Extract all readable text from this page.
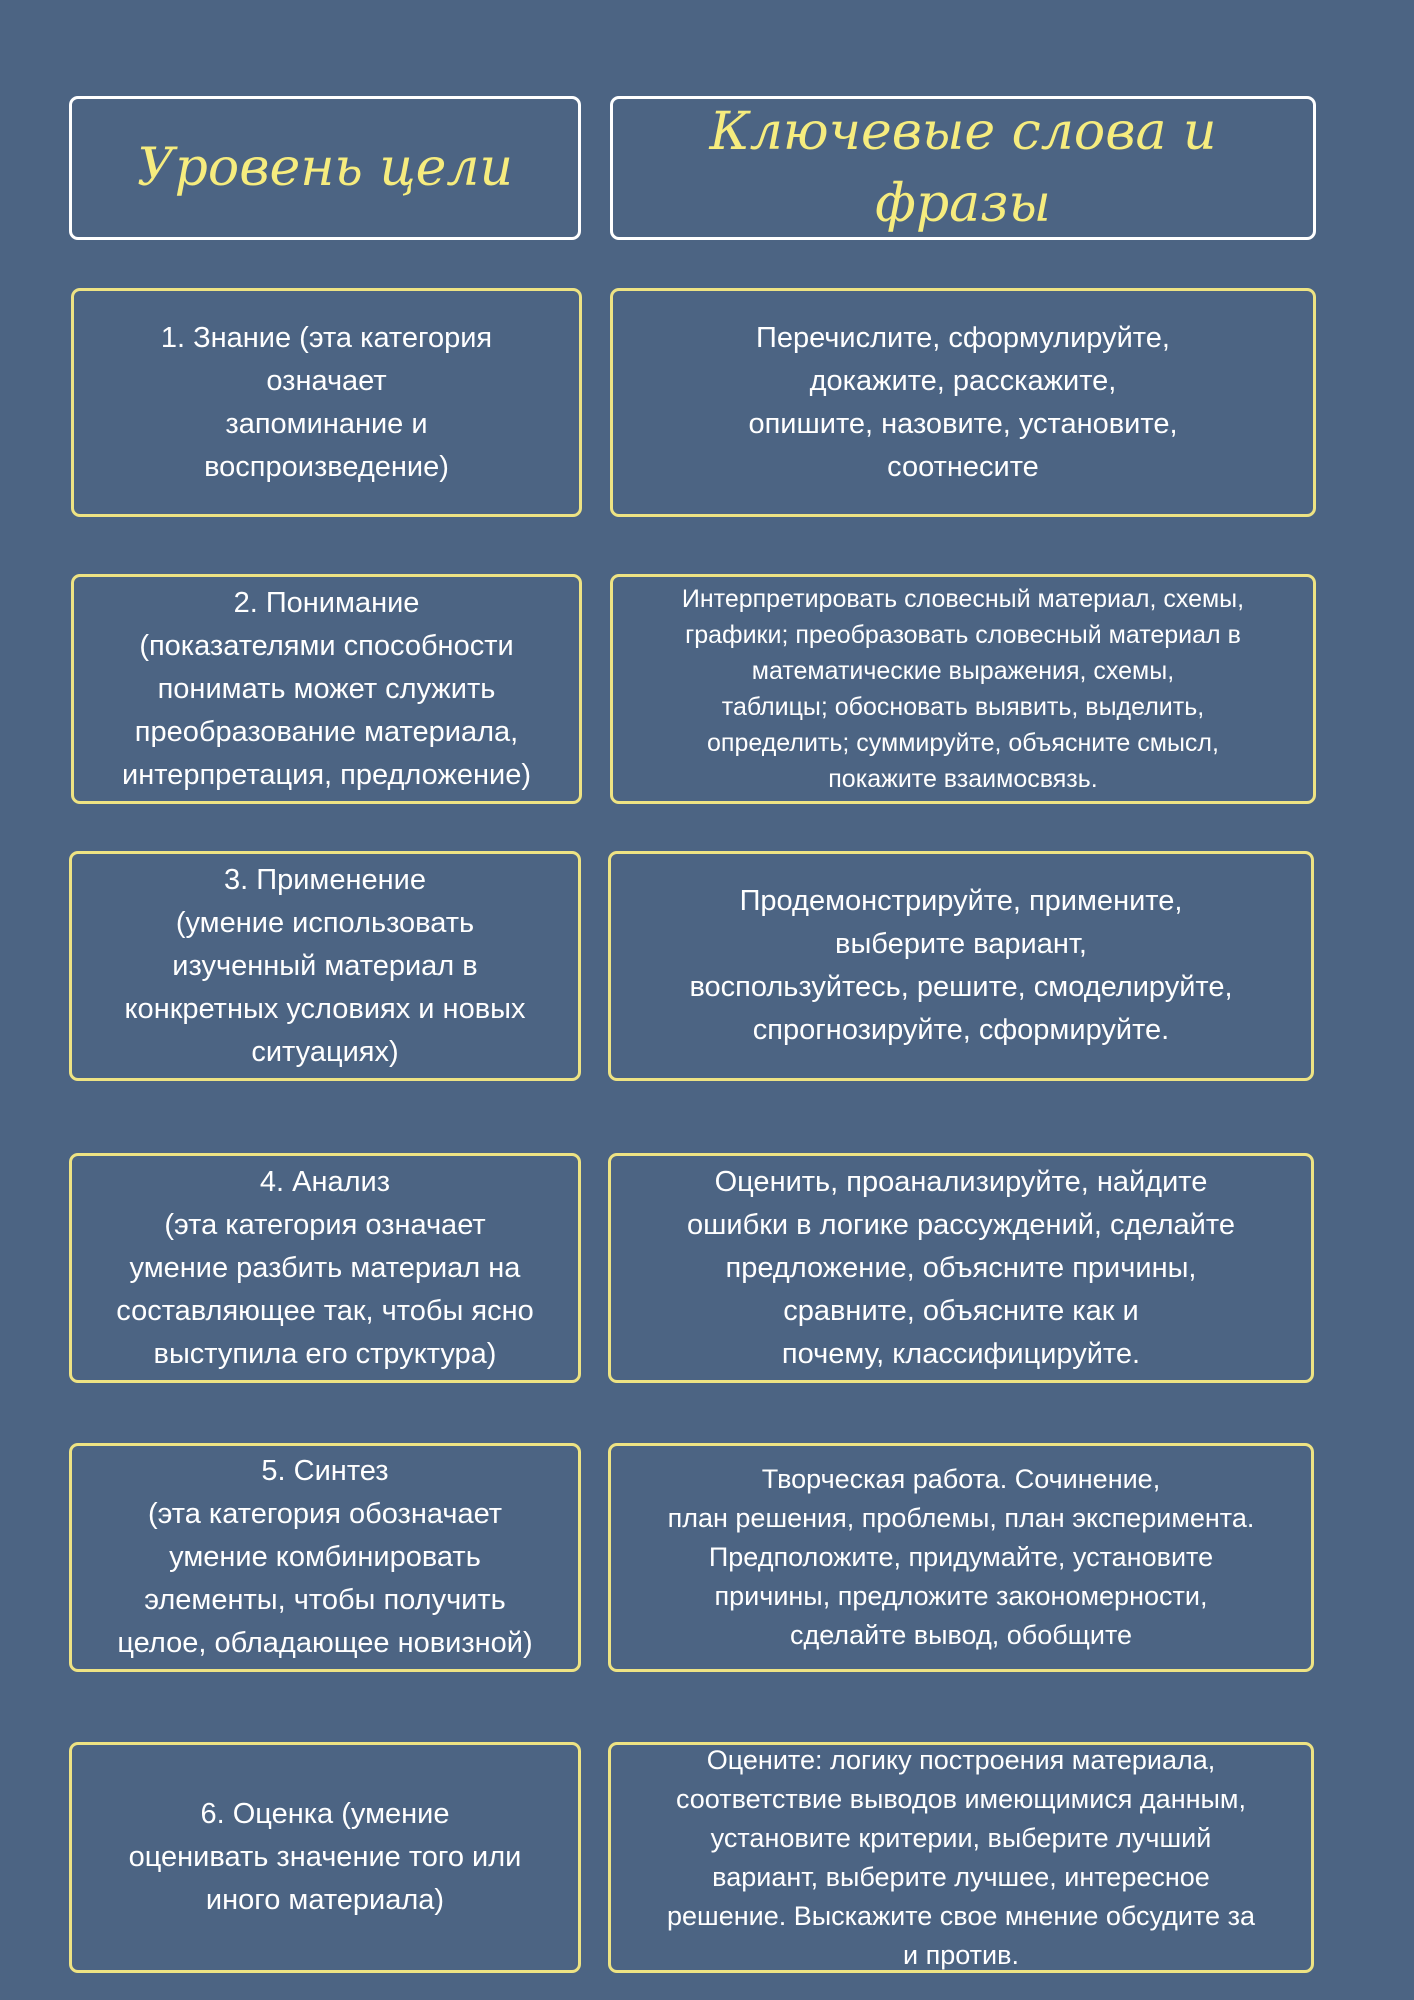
Уровень цели
Ключевые слова и
фразы
1. Знание (эта категория
означает
запоминание и
воспроизведение)
Перечислите, сформулируйте,
докажите, расскажите,
опишите, назовите, установите,
соотнесите
2. Понимание
(показателями способности
понимать может служить
преобразование материала,
интерпретация, предложение)
Интерпретировать словесный материал, схемы,
графики; преобразовать словесный материал в
математические выражения, схемы,
таблицы; обосновать выявить, выделить,
определить; суммируйте, объясните смысл,
покажите взаимосвязь.
3. Применение
(умение использовать
изученный материал в
конкретных условиях и новых
ситуациях)
Продемонстрируйте, примените,
выберите вариант,
воспользуйтесь, решите, смоделируйте,
спрогнозируйте, сформируйте.
4. Анализ
(эта категория означает
умение разбить материал на
составляющее так, чтобы ясно
выступила его структура)
Оценить, проанализируйте, найдите
ошибки в логике рассуждений, сделайте
предложение, объясните причины,
сравните, объясните как и
почему, классифицируйте.
5. Синтез
(эта категория обозначает
умение комбинировать
элементы, чтобы получить
целое, обладающее новизной)
Творческая работа. Сочинение,
план решения, проблемы, план эксперимента.
Предположите, придумайте, установите
причины, предложите закономерности,
сделайте вывод, обобщите
6. Оценка (умение
оценивать значение того или
иного материала)
Оцените: логику построения материала,
соответствие выводов имеющимися данным,
установите критерии, выберите лучший
вариант, выберите лучшее, интересное
решение. Выскажите свое мнение обсудите за
и против.
